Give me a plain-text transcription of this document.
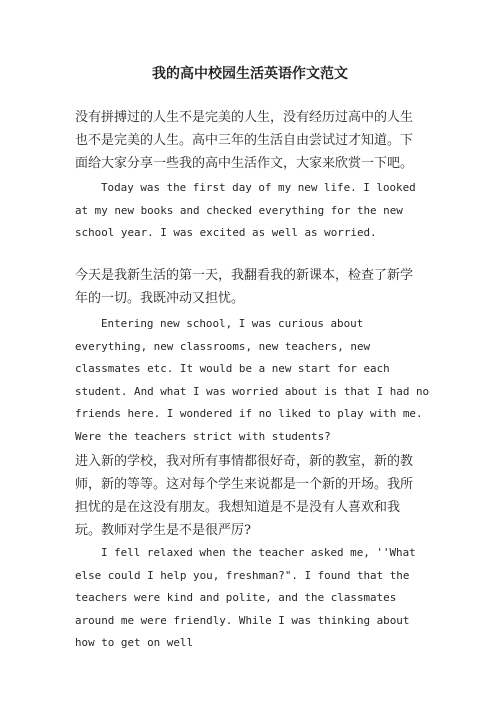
我的高中校园生活英语作文范文

没有拼搏过的人生不是完美的人生，没有经历过高中的人生也不是完美的人生。高中三年的生活自由尝试过才知道。下面给大家分享一些我的高中生活作文，大家来欣赏一下吧。

Today was the first day of my new life. I looked at my new books and checked everything for the new school year. I was excited as well as worried.

今天是我新生活的第一天，我翻看我的新课本，检查了新学年的一切。我既冲动又担忧。

Entering new school, I was curious about everything, new classrooms, new teachers, new classmates etc. It would be a new start for each student. And what I was worried about is that I had no friends here. I wondered if no liked to play with me. Were the teachers strict with students?

进入新的学校，我对所有事情都很好奇，新的教室，新的教师，新的等等。这对每个学生来说都是一个新的开场。我所担忧的是在这没有朋友。我想知道是不是没有人喜欢和我玩。教师对学生是不是很严厉?

I fell relaxed when the teacher asked me, ''What else could I help you, freshman?". I found that the teachers were kind and polite, and the classmates around me were friendly. While I was thinking about how to get on well
